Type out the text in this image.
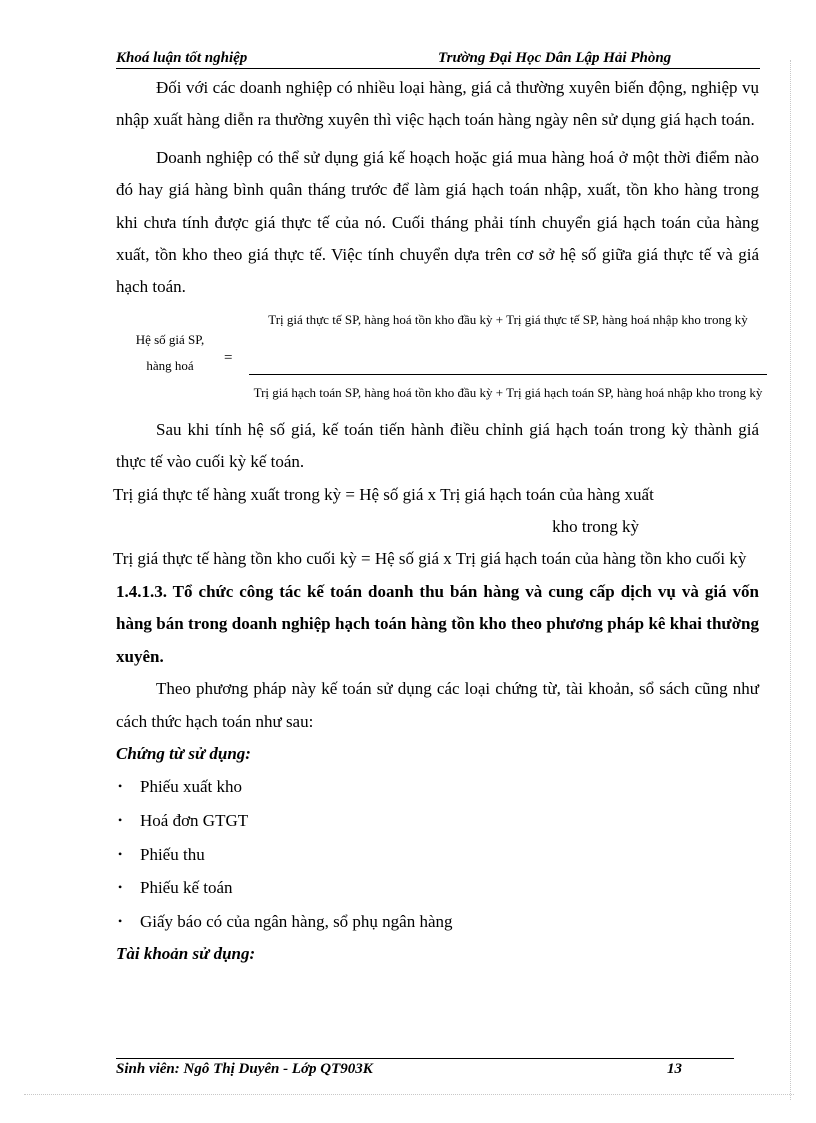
Khoá luận tốt nghiệp	Trường Đại Học Dân Lập Hải Phòng

Đối với các doanh nghiệp có nhiều loại hàng, giá cả thường xuyên biến động, nghiệp vụ nhập xuất hàng diễn ra thường xuyên thì việc hạch toán hàng ngày nên sử dụng giá hạch toán.

Doanh nghiệp có thể sử dụng giá kế hoạch hoặc giá mua hàng hoá ở một thời điểm nào đó hay giá hàng bình quân tháng trước để làm giá hạch toán nhập, xuất, tồn kho hàng trong khi chưa tính được giá thực tế của nó. Cuối tháng phải tính chuyển giá hạch toán của hàng xuất, tồn kho theo giá thực tế. Việc tính chuyển dựa trên cơ sở hệ số giữa giá thực tế và giá hạch toán.

Hệ số giá SP,
hàng hoá	=
Trị giá thực tế SP, hàng hoá tồn kho đầu kỳ + Trị giá thực tế SP, hàng hoá nhập kho trong kỳ
Trị giá hạch toán SP, hàng hoá tồn kho đầu kỳ + Trị giá hạch toán SP, hàng hoá nhập kho trong kỳ

Sau khi tính hệ số giá, kế toán tiến hành điều chỉnh giá hạch toán trong kỳ thành giá thực tế vào cuối kỳ kế toán.

Trị giá thực tế hàng xuất trong kỳ = Hệ số giá x Trị giá hạch toán của hàng xuất

kho trong kỳ

Trị giá thực tế hàng tồn kho cuối kỳ = Hệ số giá x Trị giá hạch toán của hàng tồn kho cuối kỳ

1.4.1.3. Tổ chức công tác kế toán doanh thu bán hàng và cung cấp dịch vụ và giá vốn hàng bán trong doanh nghiệp hạch toán hàng tồn kho theo phương pháp kê khai thường xuyên.

Theo phương pháp này kế toán sử dụng các loại chứng từ, tài khoản, sổ sách cũng như cách thức hạch toán như sau:

Chứng từ sử dụng:

• Phiếu xuất kho
• Hoá đơn GTGT
• Phiếu thu
• Phiếu kế toán
• Giấy báo có của ngân hàng, sổ phụ ngân hàng

Tài khoản sử dụng:

Sinh viên: Ngô Thị Duyên - Lớp QT903K	13
